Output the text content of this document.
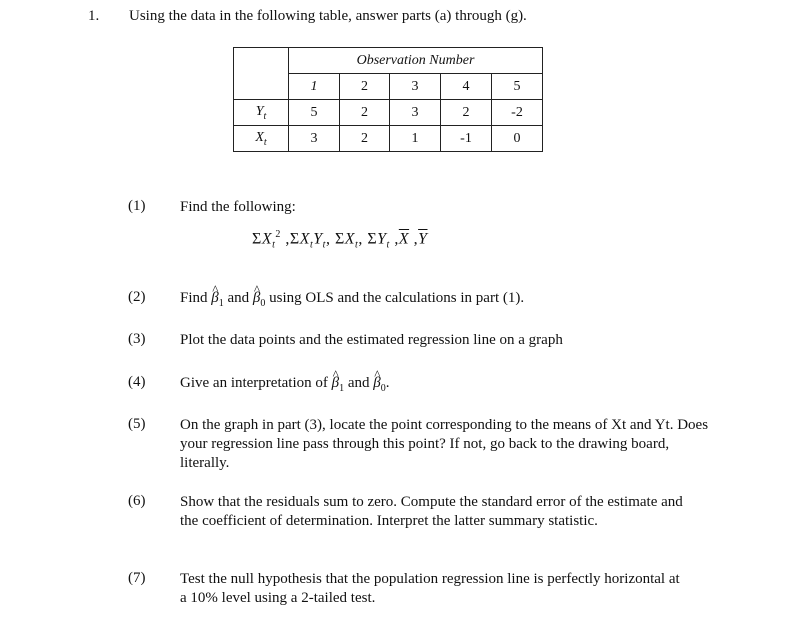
1. Using the data in the following table, answer parts (a) through (g).
	Observation Number				
	1	2	3	4	5
$Y_t$	5	2	3	2	-2
$X_t$	3	2	1	-1	0
(1) Find the following:
$\Sigma X_t^2$ $,\Sigma X_tY_t$, $\Sigma X_t$, $\Sigma Y_t$ $,\overline{X}$ $,\overline{Y}$
(2) Find ^ $\beta_1$ and ^ $\beta_0$ using OLS and the calculations in part (1).
(3) Plot the data points and the estimated regression line on a graph
(4) Give an interpretation of ^ $\beta_1$ and ^ $\beta_0$.
(5) On the graph in part (3), locate the point corresponding to the means of Xt and Yt. Does your regression line pass through this point? If not, go back to the drawing board, literally.
(6) Show that the residuals sum to zero. Compute the standard error of the estimate and the coefficient of determination. Interpret the latter summary statistic.
(7) Test the null hypothesis that the population regression line is perfectly horizontal at a 10% level using a 2-tailed test.
